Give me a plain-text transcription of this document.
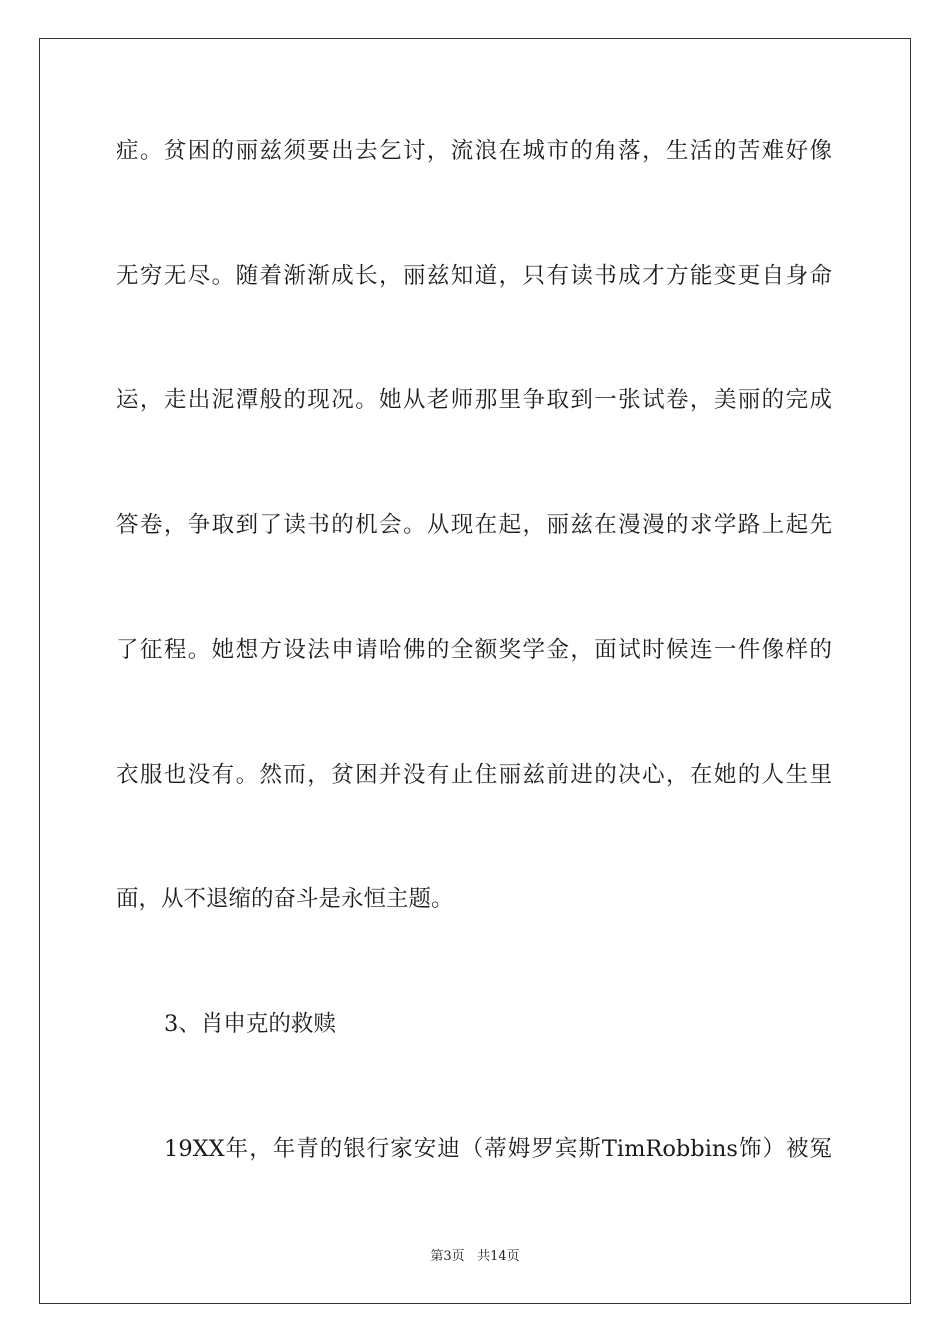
症。贫困的丽兹须要出去乞讨，流浪在城市的角落，生活的苦难好像
无穷无尽。随着渐渐成长，丽兹知道，只有读书成才方能变更自身命
运，走出泥潭般的现况。她从老师那里争取到一张试卷，美丽的完成
答卷，争取到了读书的机会。从现在起，丽兹在漫漫的求学路上起先
了征程。她想方设法申请哈佛的全额奖学金，面试时候连一件像样的
衣服也没有。然而，贫困并没有止住丽兹前进的决心，在她的人生里
面，从不退缩的奋斗是永恒主题。
3、肖申克的救赎
19XX年，年青的银行家安迪（蒂姆罗宾斯TimRobbins饰）被冤
第3页 共14页
